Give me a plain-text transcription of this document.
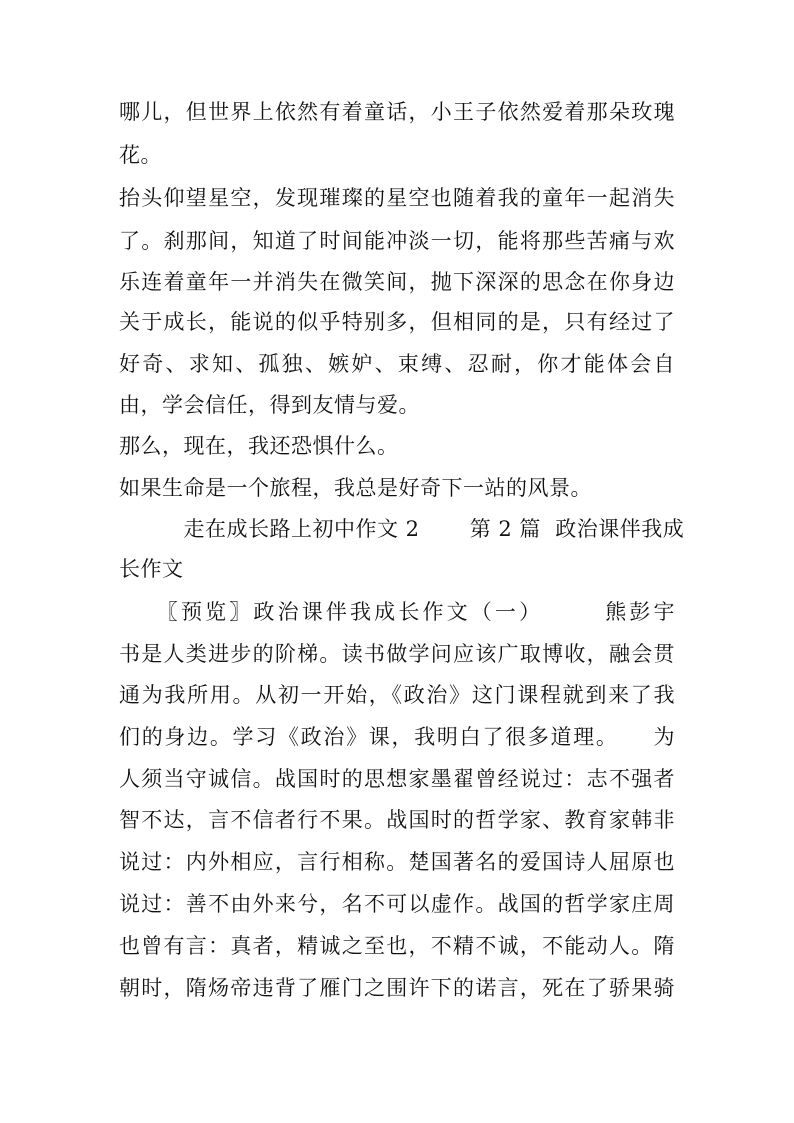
哪儿，但世界上依然有着童话，小王子依然爱着那朵玫瑰
花。
抬头仰望星空，发现璀璨的星空也随着我的童年一起消失
了。刹那间，知道了时间能冲淡一切，能将那些苦痛与欢
乐连着童年一并消失在微笑间，抛下深深的思念在你身边
关于成长，能说的似乎特别多，但相同的是，只有经过了
好奇、求知、孤独、嫉妒、束缚、忍耐，你才能体会自
由，学会信任，得到友情与爱。
那么，现在，我还恐惧什么。
如果生命是一个旅程，我总是好奇下一站的风景。
　　　走在成长路上初中作文 2　　 第 2 篇  政治课伴我成
长作文
　　〖预览〗政治课伴我成长作文（一）　　　熊彭宇
书是人类进步的阶梯。读书做学问应该广取博收，融会贯
通为我所用。从初一开始，《政治》这门课程就到来了我
们的身边。学习《政治》课，我明白了很多道理。　　为
人须当守诚信。战国时的思想家墨翟曾经说过：志不强者
智不达，言不信者行不果。战国时的哲学家、教育家韩非
说过：内外相应，言行相称。楚国著名的爱国诗人屈原也
说过：善不由外来兮，名不可以虚作。战国的哲学家庄周
也曾有言：真者，精诚之至也，不精不诚，不能动人。隋
朝时，隋炀帝违背了雁门之围许下的诺言，死在了骄果骑
